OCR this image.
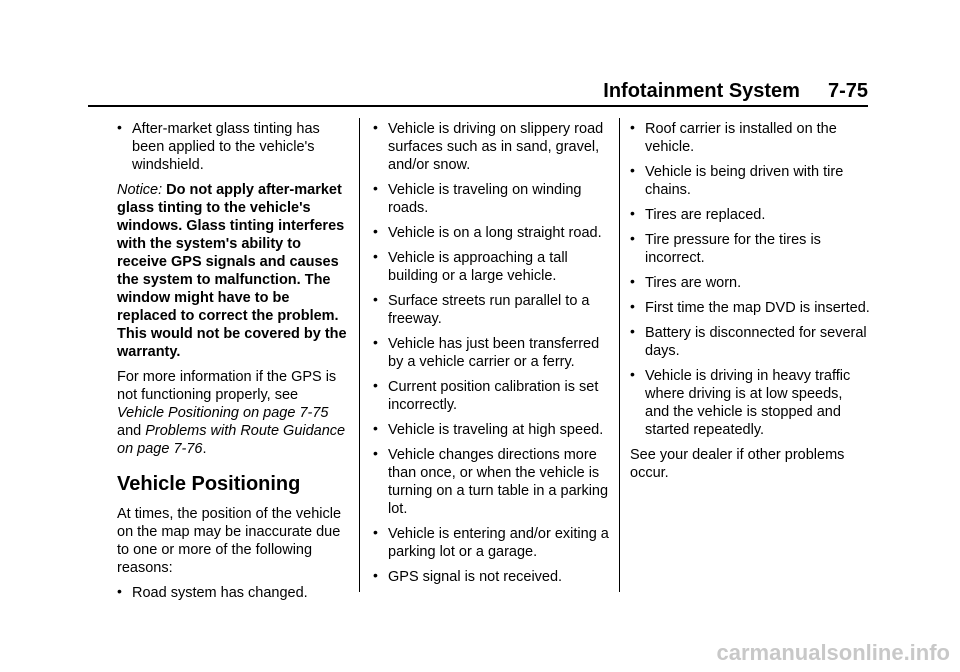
Infotainment System 7-75
• After-market glass tinting has been applied to the vehicle's windshield.

Notice: Do not apply after-market glass tinting to the vehicle's windows. Glass tinting interferes with the system's ability to receive GPS signals and causes the system to malfunction. The window might have to be replaced to correct the problem. This would not be covered by the warranty.

For more information if the GPS is not functioning properly, see Vehicle Positioning on page 7-75 and Problems with Route Guidance on page 7-76.

Vehicle Positioning

At times, the position of the vehicle on the map may be inaccurate due to one or more of the following reasons:

• Road system has changed.
• Vehicle is driving on slippery road surfaces such as in sand, gravel, and/or snow.
• Vehicle is traveling on winding roads.
• Vehicle is on a long straight road.
• Vehicle is approaching a tall building or a large vehicle.
• Surface streets run parallel to a freeway.
• Vehicle has just been transferred by a vehicle carrier or a ferry.
• Current position calibration is set incorrectly.
• Vehicle is traveling at high speed.
• Vehicle changes directions more than once, or when the vehicle is turning on a turn table in a parking lot.
• Vehicle is entering and/or exiting a parking lot or a garage.
• GPS signal is not received.
• Roof carrier is installed on the vehicle.
• Vehicle is being driven with tire chains.
• Tires are replaced.
• Tire pressure for the tires is incorrect.
• Tires are worn.
• First time the map DVD is inserted.
• Battery is disconnected for several days.
• Vehicle is driving in heavy traffic where driving is at low speeds, and the vehicle is stopped and started repeatedly.

See your dealer if other problems occur.

carmanualsonline.info
